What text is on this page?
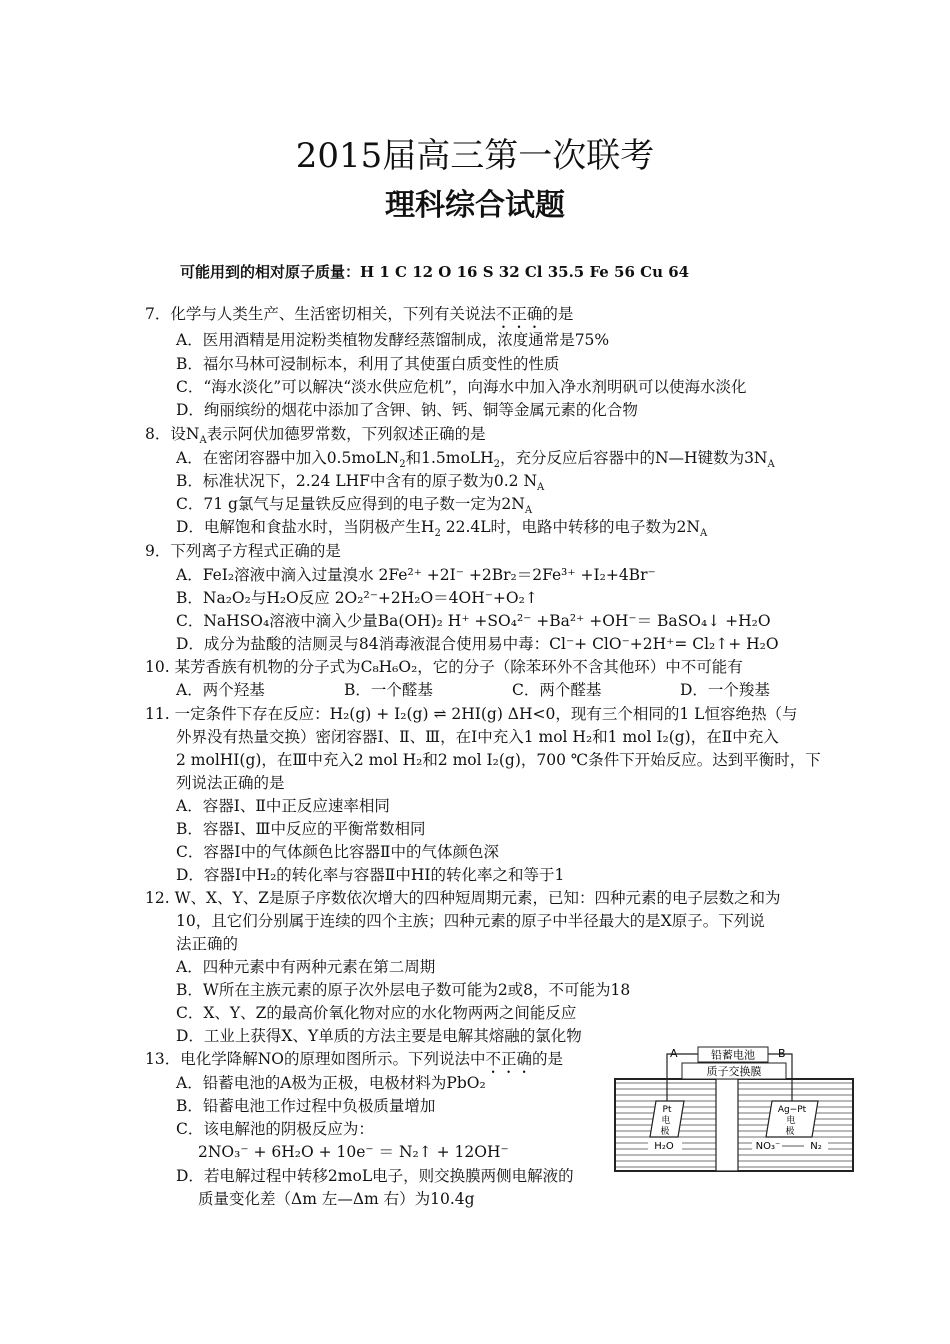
2015届高三第一次联考
理科综合试题
可能用到的相对原子质量：H 1 C 12 O 16 S 32 Cl 35.5 Fe 56 Cu 64
7．化学与人类生产、生活密切相关，下列有关说法不正确的是
A．医用酒精是用淀粉类植物发酵经蒸馏制成，浓度通常是75%
B．福尔马林可浸制标本，利用了其使蛋白质变性的性质
C．“海水淡化”可以解决“淡水供应危机”，向海水中加入净水剂明矾可以使海水淡化
D．绚丽缤纷的烟花中添加了含钾、钠、钙、铜等金属元素的化合物
8．设$N_A$表示阿伏加德罗常数，下列叙述正确的是
A．在密闭容器中加入0.5moLN$_2$和1.5moLH$_2$，充分反应后容器中的N—H键数为$3N_A$
B．标准状况下，2.24 LHF中含有的原子数为0.2 $N_A$
C．71 g氯气与足量铁反应得到的电子数一定为$2N_A$
D．电解饱和食盐水时，当阴极产生$H_2$ 22.4L时，电路中转移的电子数为$2N_A$
9．下列离子方程式正确的是
A．FeI₂溶液中滴入过量溴水 2Fe²⁺ +2I⁻ +2Br₂＝2Fe³⁺ +I₂+4Br⁻
B．Na₂O₂与H₂O反应 2O₂²⁻+2H₂O＝4OH⁻+O₂↑
C．NaHSO₄溶液中滴入少量Ba(OH)₂ H⁺ +SO₄²⁻ +Ba²⁺ +OH⁻＝ BaSO₄↓ +H₂O
D．成分为盐酸的洁厕灵与84消毒液混合使用易中毒：Cl⁻+ ClO⁻+2H⁺= Cl₂↑+ H₂O
10. 某芳香族有机物的分子式为C₈H₆O₂，它的分子（除苯环外不含其他环）中不可能有
A．两个羟基	B．一个醛基	C．两个醛基	D．一个羧基
11. 一定条件下存在反应：H₂(g) + I₂(g) ⇌ 2HI(g) ΔH<0，现有三个相同的1 L恒容绝热（与
外界没有热量交换）密闭容器Ⅰ、Ⅱ、Ⅲ，在Ⅰ中充入1 mol H₂和1 mol I₂(g)，在Ⅱ中充入
2 molHI(g)，在Ⅲ中充入2 mol H₂和2 mol I₂(g)，700 ℃条件下开始反应。达到平衡时，下
列说法正确的是
A．容器Ⅰ、Ⅱ中正反应速率相同
B．容器Ⅰ、Ⅲ中反应的平衡常数相同
C．容器Ⅰ中的气体颜色比容器Ⅱ中的气体颜色深
D．容器Ⅰ中H₂的转化率与容器Ⅱ中HI的转化率之和等于1
12. W、X、Y、Z是原子序数依次增大的四种短周期元素，已知：四种元素的电子层数之和为
10，且它们分别属于连续的四个主族；四种元素的原子中半径最大的是X原子。下列说
法正确的
A．四种元素中有两种元素在第二周期
B．W所在主族元素的原子次外层电子数可能为2或8，不可能为18
C．X、Y、Z的最高价氧化物对应的水化物两两之间能反应
D．工业上获得X、Y单质的方法主要是电解其熔融的氯化物
13．电化学降解NO的原理如图所示。下列说法中不正确的是
A．铅蓄电池的A极为正极，电极材料为PbO₂
B．铅蓄电池工作过程中负极质量增加
C．该电解池的阴极反应为：
2NO₃⁻ + 6H₂O + 10e⁻ ＝ N₂↑ + 12OH⁻
D．若电解过程中转移2moL电子，则交换膜两侧电解液的
质量变化差（Δm 左—Δm 右）为10.4g
质子交换膜
铅蓄电池
A	B
Pt
电
极
Ag−Pt
电
极
H₂O	NO₃⁻	N₂
